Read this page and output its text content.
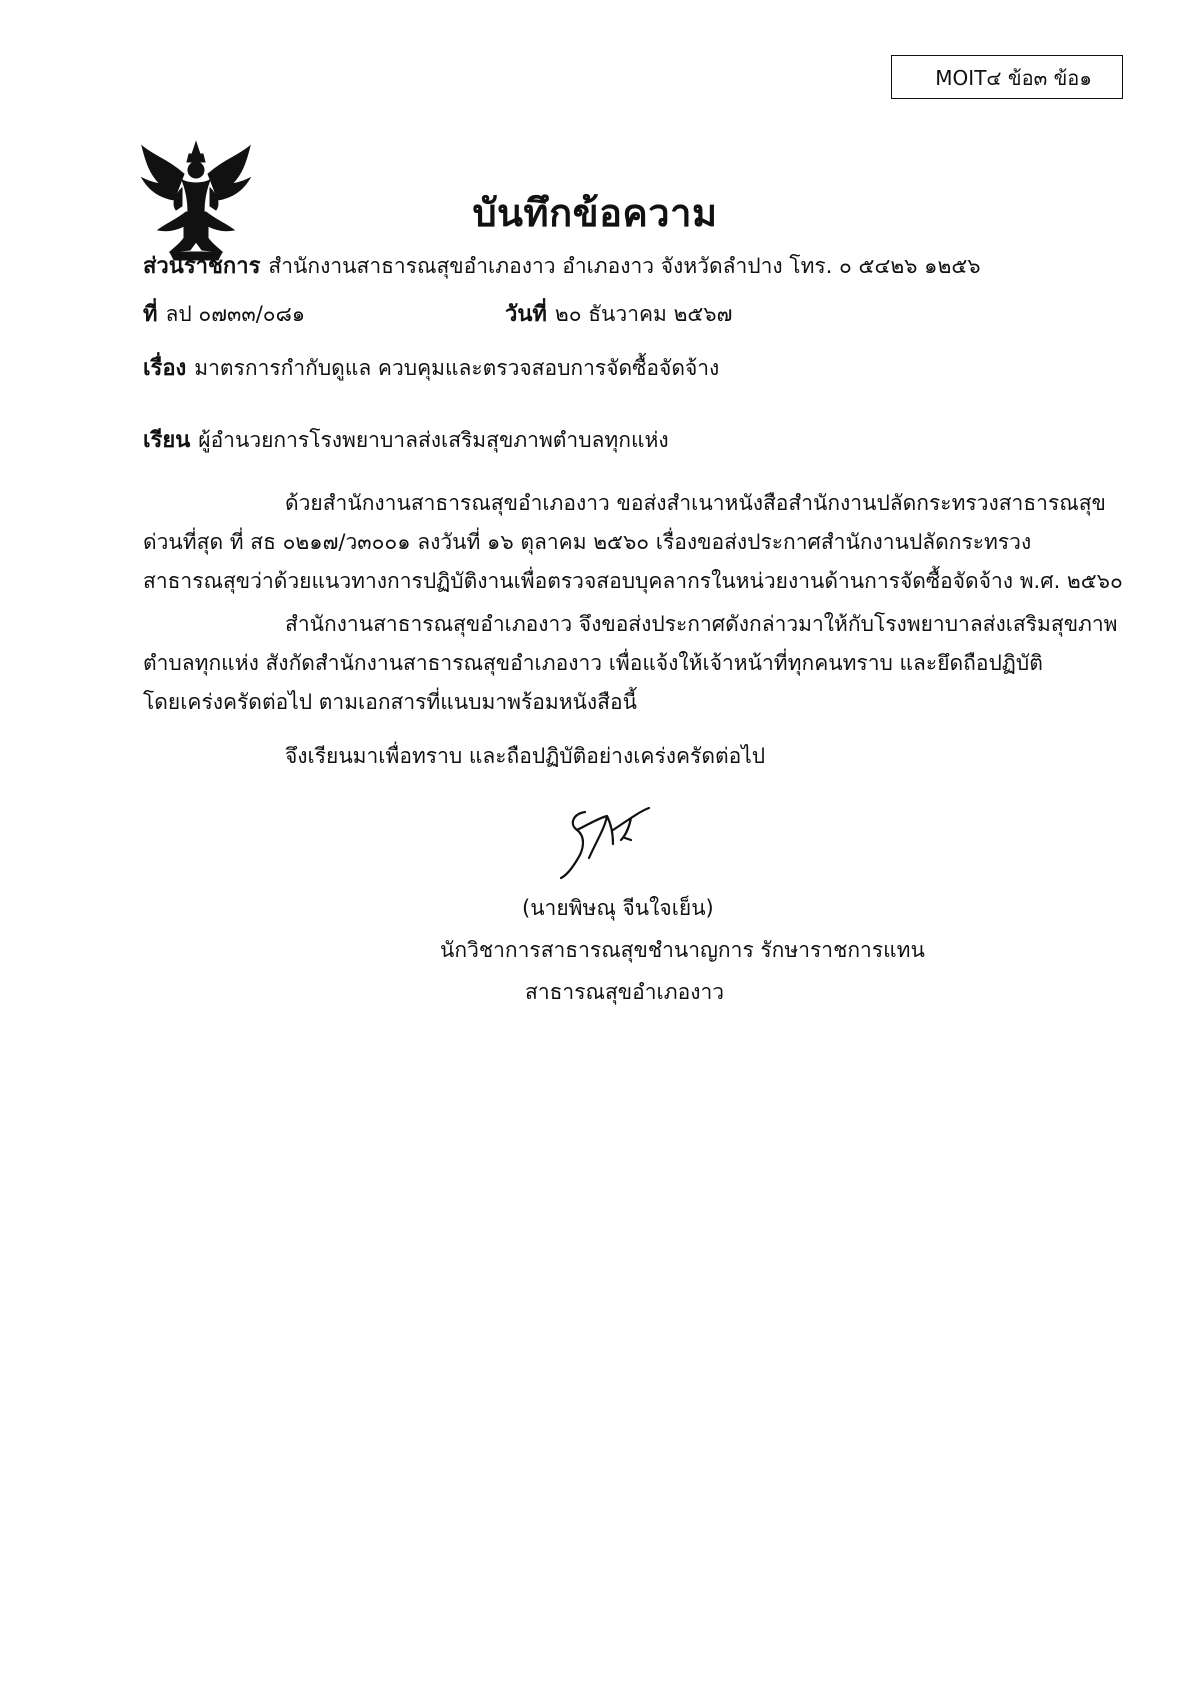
MOIT๔ ข้อ๓ ข้อ๑
บันทึกข้อความ
ส่วนราชการ สำนักงานสาธารณสุขอำเภองาว อำเภองาว จังหวัดลำปาง โทร. ๐ ๕๔๒๖ ๑๒๕๖
ที่ ลป ๐๗๓๓/๐๘๑	วันที่ ๒๐ ธันวาคม ๒๕๖๗
เรื่อง มาตรการกำกับดูแล ควบคุมและตรวจสอบการจัดซื้อจัดจ้าง
เรียน ผู้อำนวยการโรงพยาบาลส่งเสริมสุขภาพตำบลทุกแห่ง
ด้วยสำนักงานสาธารณสุขอำเภองาว ขอส่งสำเนาหนังสือสำนักงานปลัดกระทรวงสาธารณสุข
ด่วนที่สุด ที่ สธ ๐๒๑๗/ว๓๐๐๑ ลงวันที่ ๑๖ ตุลาคม ๒๕๖๐ เรื่องขอส่งประกาศสำนักงานปลัดกระทรวง
สาธารณสุขว่าด้วยแนวทางการปฏิบัติงานเพื่อตรวจสอบบุคลากรในหน่วยงานด้านการจัดซื้อจัดจ้าง พ.ศ. ๒๕๖๐
สำนักงานสาธารณสุขอำเภองาว จึงขอส่งประกาศดังกล่าวมาให้กับโรงพยาบาลส่งเสริมสุขภาพ
ตำบลทุกแห่ง สังกัดสำนักงานสาธารณสุขอำเภองาว เพื่อแจ้งให้เจ้าหน้าที่ทุกคนทราบ และยึดถือปฏิบัติ
โดยเคร่งครัดต่อไป ตามเอกสารที่แนบมาพร้อมหนังสือนี้
จึงเรียนมาเพื่อทราบ และถือปฏิบัติอย่างเคร่งครัดต่อไป
(นายพิษณุ จีนใจเย็น)
นักวิชาการสาธารณสุขชำนาญการ รักษาราชการแทน
สาธารณสุขอำเภองาว
